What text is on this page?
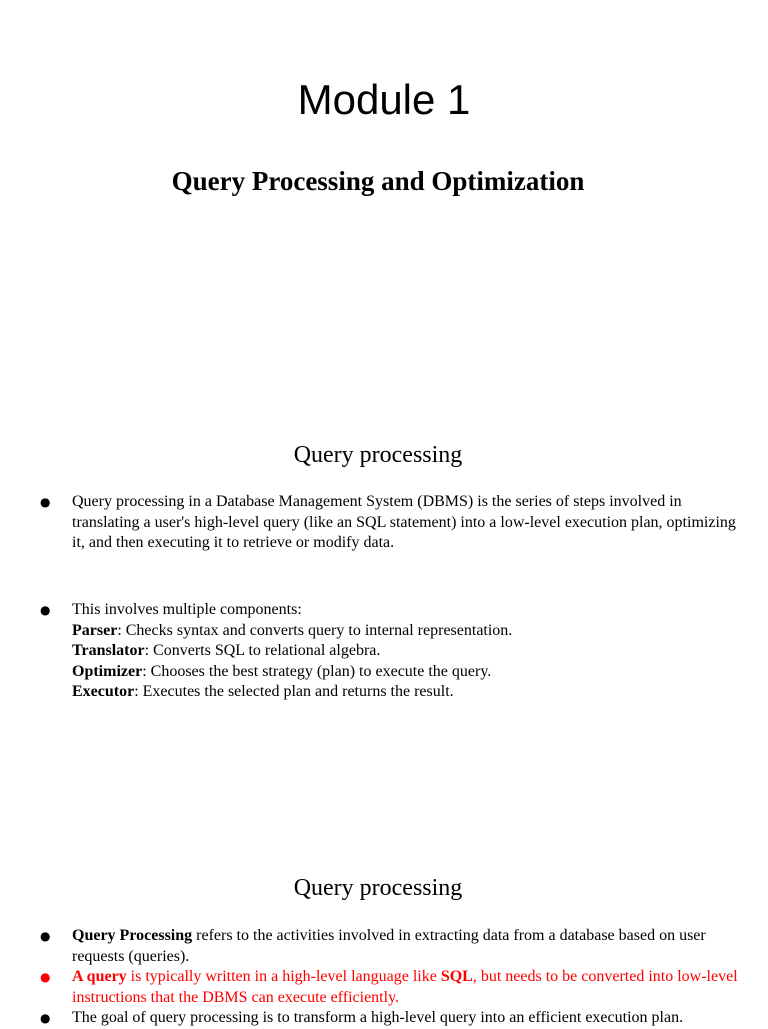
Module 1
Query Processing and Optimization
Query processing
●	Query processing in a Database Management System (DBMS) is the series of steps involved in translating a user's high-level query (like an SQL statement) into a low-level execution plan, optimizing it, and then executing it to retrieve or modify data.
●	This involves multiple components:
Parser: Checks syntax and converts query to internal representation.
Translator: Converts SQL to relational algebra.
Optimizer: Chooses the best strategy (plan) to execute the query.
Executor: Executes the selected plan and returns the result.
Query processing
●	Query Processing refers to the activities involved in extracting data from a database based on user requests (queries).
●	A query is typically written in a high-level language like SQL, but needs to be converted into low-level instructions that the DBMS can execute efficiently.
●	The goal of query processing is to transform a high-level query into an efficient execution plan.
